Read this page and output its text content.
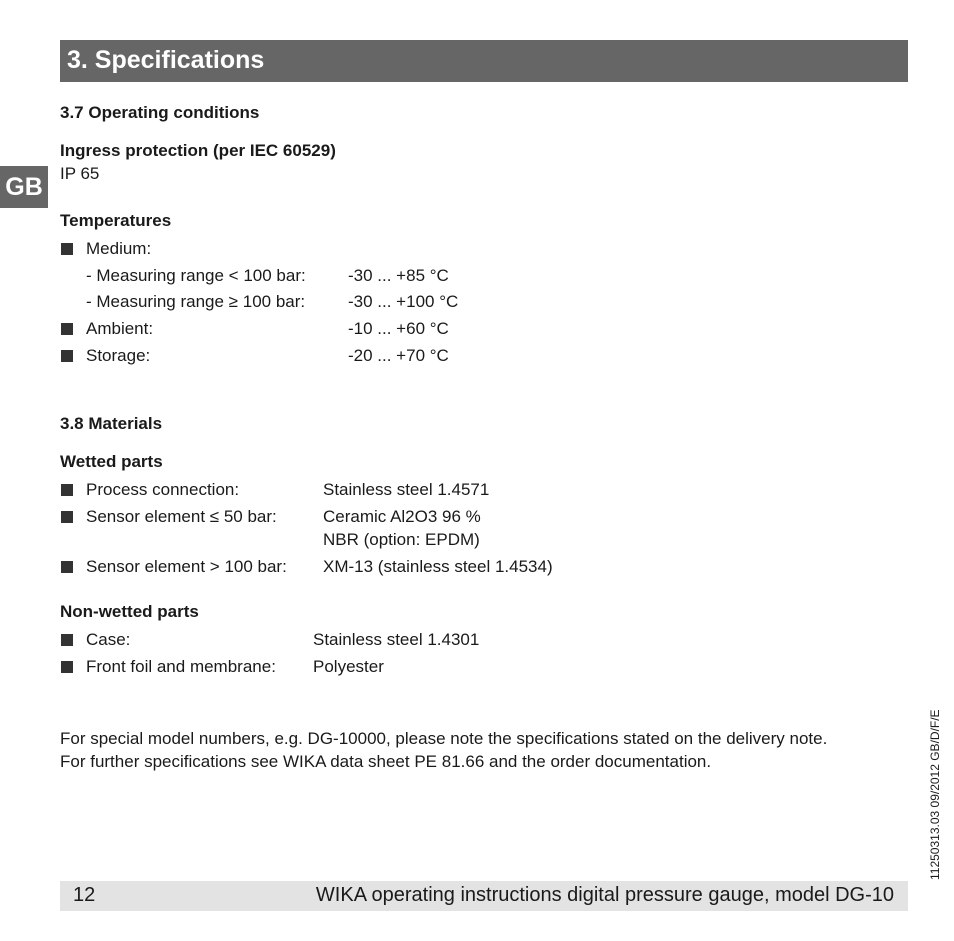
3. Specifications
GB
3.7 Operating conditions
Ingress protection (per IEC 60529)
IP 65
Temperatures
Medium:
- Measuring range < 100 bar: -30 ... +85 °C
- Measuring range ≥ 100 bar:	-30 ... +100 °C
Ambient:	-10 ... +60 °C
Storage:	-20 ... +70 °C
3.8 Materials
Wetted parts
Process connection:	Stainless steel 1.4571
Sensor element ≤ 50 bar:	Ceramic Al2O3 96 %
NBR (option: EPDM)
Sensor element > 100 bar: XM-13 (stainless steel 1.4534)
Non-wetted parts
Case:	Stainless steel 1.4301
Front foil and membrane: Polyester
For special model numbers, e.g. DG-10000, please note the specifications stated on the delivery note.
For further specifications see WIKA data sheet PE 81.66 and the order documentation.	11250313.03 09/2012 GB/D/F/E
12	WIKA operating instructions digital pressure gauge, model DG-10
